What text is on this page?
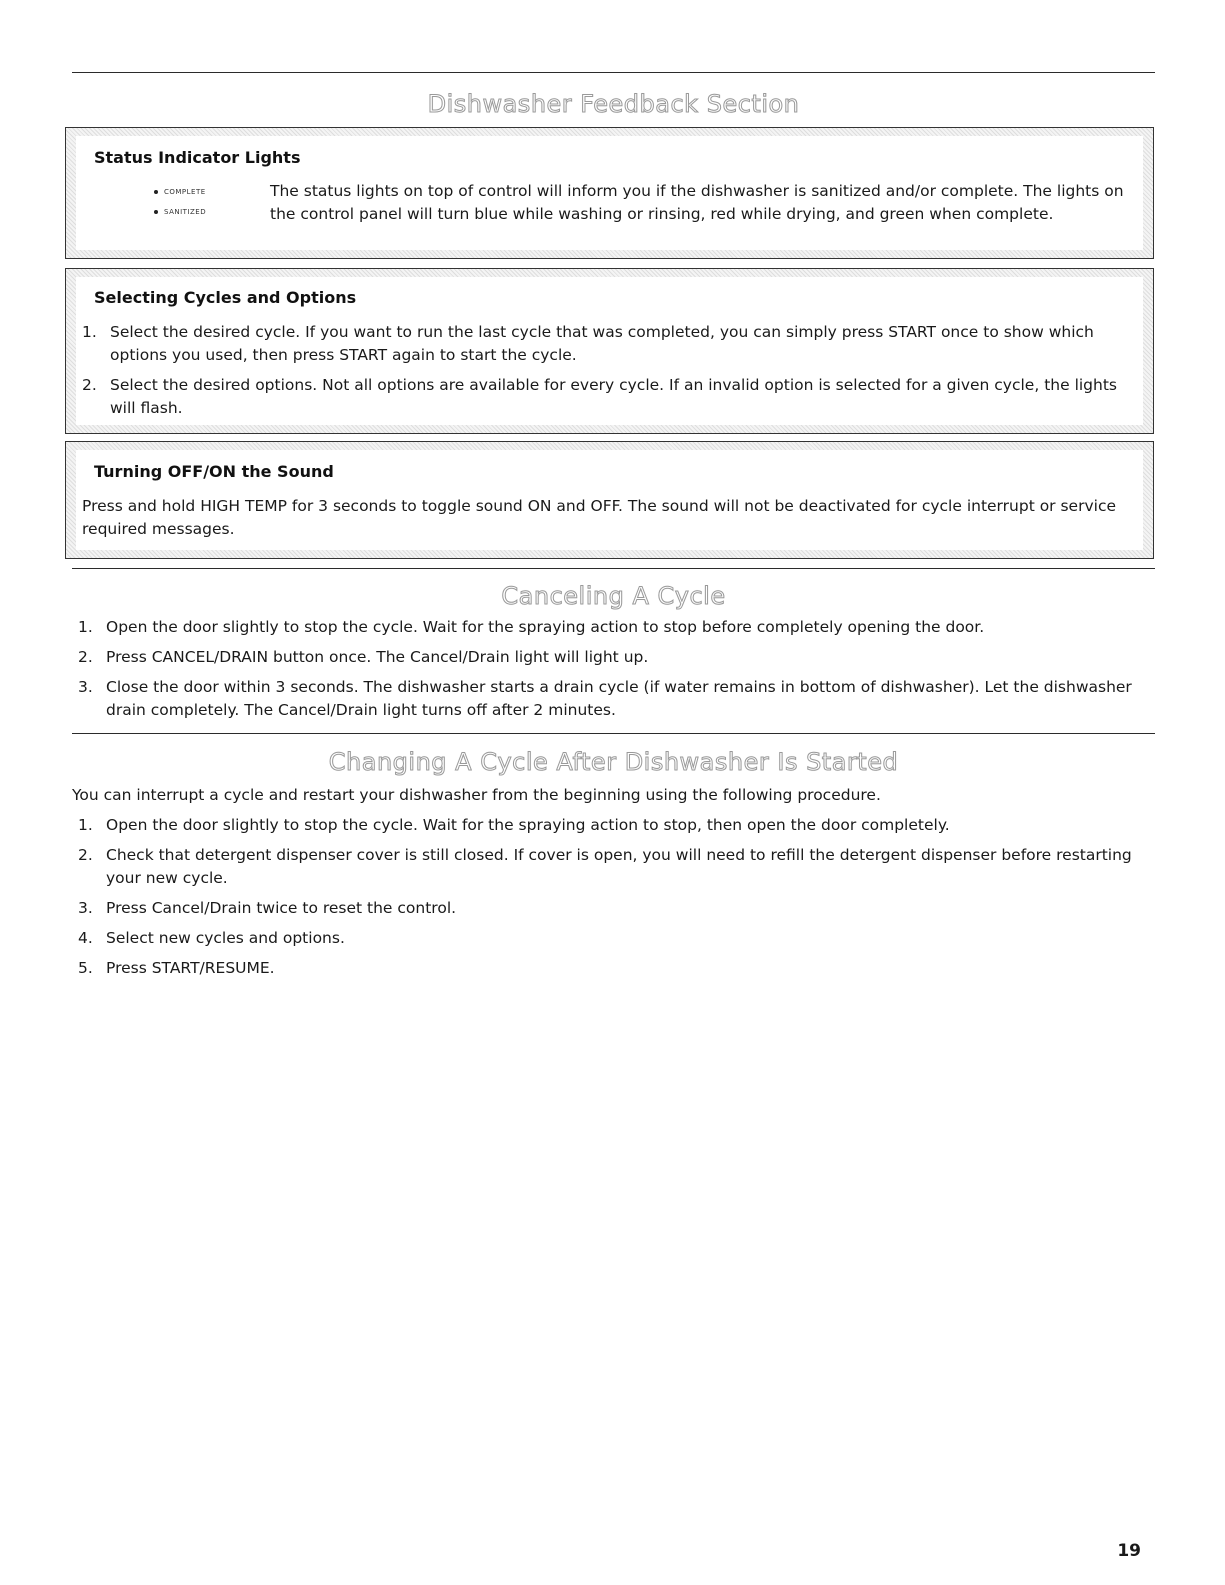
Dishwasher Feedback Section
Status Indicator Lights
COMPLETE
SANITIZED
The status lights on top of control will inform you if the dishwasher is sanitized and/or complete. The lights on the control panel will turn blue while washing or rinsing, red while drying, and green when complete.
Selecting Cycles and Options
1. Select the desired cycle. If you want to run the last cycle that was completed, you can simply press START once to show which options you used, then press START again to start the cycle.
2. Select the desired options. Not all options are available for every cycle. If an invalid option is selected for a given cycle, the lights will flash.
Turning OFF/ON the Sound
Press and hold HIGH TEMP for 3 seconds to toggle sound ON and OFF. The sound will not be deactivated for cycle interrupt or service required messages.
Canceling A Cycle
1. Open the door slightly to stop the cycle. Wait for the spraying action to stop before completely opening the door.
2. Press CANCEL/DRAIN button once. The Cancel/Drain light will light up.
3. Close the door within 3 seconds. The dishwasher starts a drain cycle (if water remains in bottom of dishwasher). Let the dishwasher drain completely. The Cancel/Drain light turns off after 2 minutes.
Changing A Cycle After Dishwasher Is Started
You can interrupt a cycle and restart your dishwasher from the beginning using the following procedure.
1. Open the door slightly to stop the cycle. Wait for the spraying action to stop, then open the door completely.
2. Check that detergent dispenser cover is still closed. If cover is open, you will need to refill the detergent dispenser before restarting your new cycle.
3. Press Cancel/Drain twice to reset the control.
4. Select new cycles and options.
5. Press START/RESUME.
19
